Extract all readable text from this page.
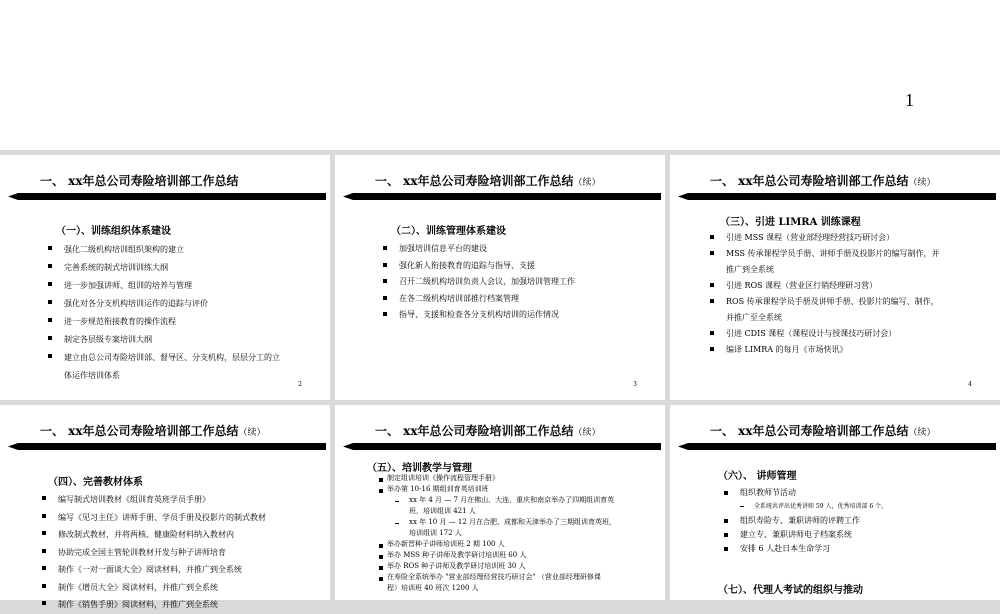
1
一、 xx年总公司寿险培训部工作总结
（一）、训练组织体系建设
强化二级机构培训组织架构的建立
完善系统的制式培训训练大纲
进一步加强讲师、组训的培养与管理
强化对各分支机构培训运作的追踪与评价
进一步规范衔接教育的操作流程
制定各层级专案培训大纲
建立由总公司寿险培训部、督导区、分支机构，层层分工的立
体运作培训体系
2
一、 xx年总公司寿险培训部工作总结（续）
（二）、训练管理体系建设
加强培训信息平台的建设
强化新人衔接教育的追踪与指导、支援
召开二级机构培训负责人会议，加强培训管理工作
在各二级机构培训部推行档案管理
指导、支援和检查各分支机构培训的运作情况
3
一、 xx年总公司寿险培训部工作总结（续）
（三）、引进 LIMRA 训练课程
引进 MSS 课程（营业部经理经营技巧研讨会）
MSS 传承课程学员手册、讲师手册及投影片的编写制作，并
推广到全系统
引进 ROS 课程（营业区行销经理研习营）
ROS 传承课程学员手册及讲师手册、投影片的编写、制作，
并推广至全系统
引进 CDIS 课程（课程设计与授课技巧研讨会）
编译 LIMRA 的每月《市场快讯》
4
一、 xx年总公司寿险培训部工作总结（续）
（四）、完善教材体系
编写制式培训教材《组训育英班学员手册》
编写《见习主任》讲师手册、学员手册及投影片的制式教材
修改制式教材，并将两核、健康险材料纳入教材内
协助完成全国主管轮训教材开发与种子讲师培育
制作《一对一面谈大全》阅读材料，并推广到全系统
制作《增员大全》阅读材料，并推广到全系统
制作《销售手册》阅读材料，并推广到全系统
一、 xx年总公司寿险培训部工作总结（续）
（五）、培训教学与管理
制定组训培训《操作流程管理手册》
举办第 10-16 期组训育英培训班
xx 年 4 月 — 7 月在佛山、大连、重庆和南京举办了四期组训育英
班，培训组训 421 人
xx 年 10 月 — 12 月在合肥、成都和天津举办了三期组训育英班，
培训组训 172 人
举办新晋种子讲师培训班 2 期 100 人
举办 MSS 种子讲师及教学研讨培训班 60 人
举办 ROS 种子讲师及教学研讨培训班 30 人
在寿险全系统举办 "营业部经理经营技巧研讨会" （营业部经理研修课
程）培训班 40 班次 1200 人
一、 xx年总公司寿险培训部工作总结（续）
（六）、 讲师管理
组织教师节活动
全系统共评出优秀讲师 59 人，优秀培训部 6 个。
组织寿险专、兼职讲师的评聘工作
建立专、兼职讲师电子档案系统
安排 6 人赴日本生命学习
（七）、代理人考试的组织与推动
